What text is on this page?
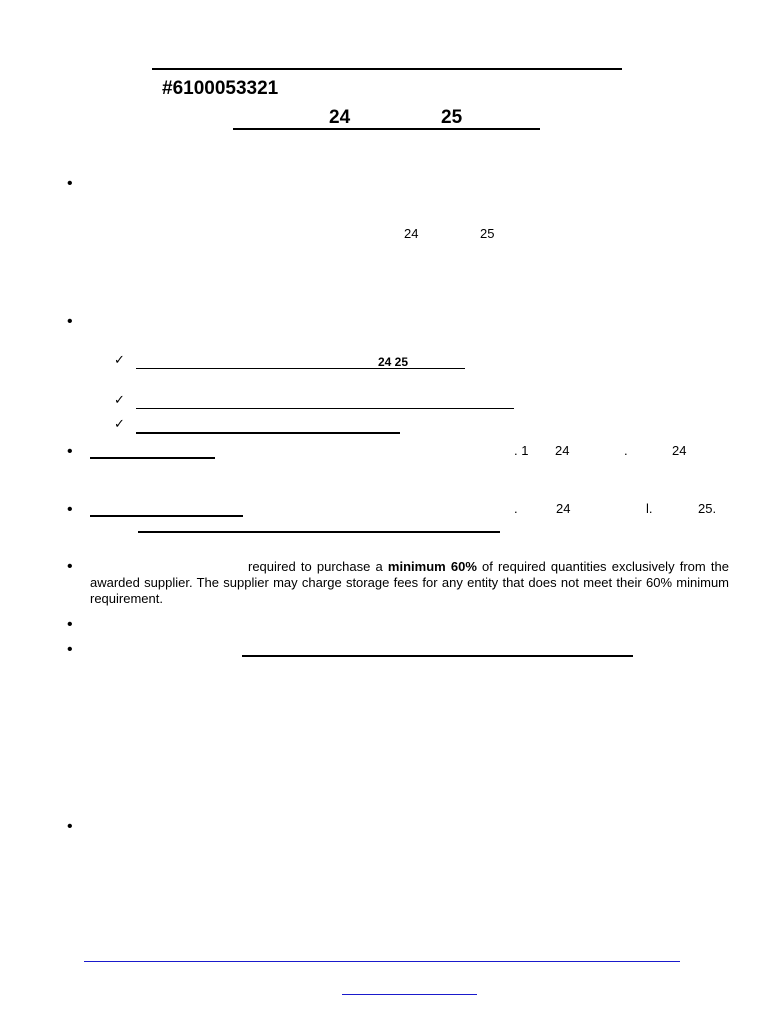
#6100053321
24	25
•
24	25
•
✓	24 25
✓
✓
•	. 1 24	.	24
•	.	24	l.	25.
•	required to purchase a minimum 60% of required quantities exclusively from the awarded supplier. The supplier may charge storage fees for any entity that does not meet their 60% minimum requirement.
•
•
•
